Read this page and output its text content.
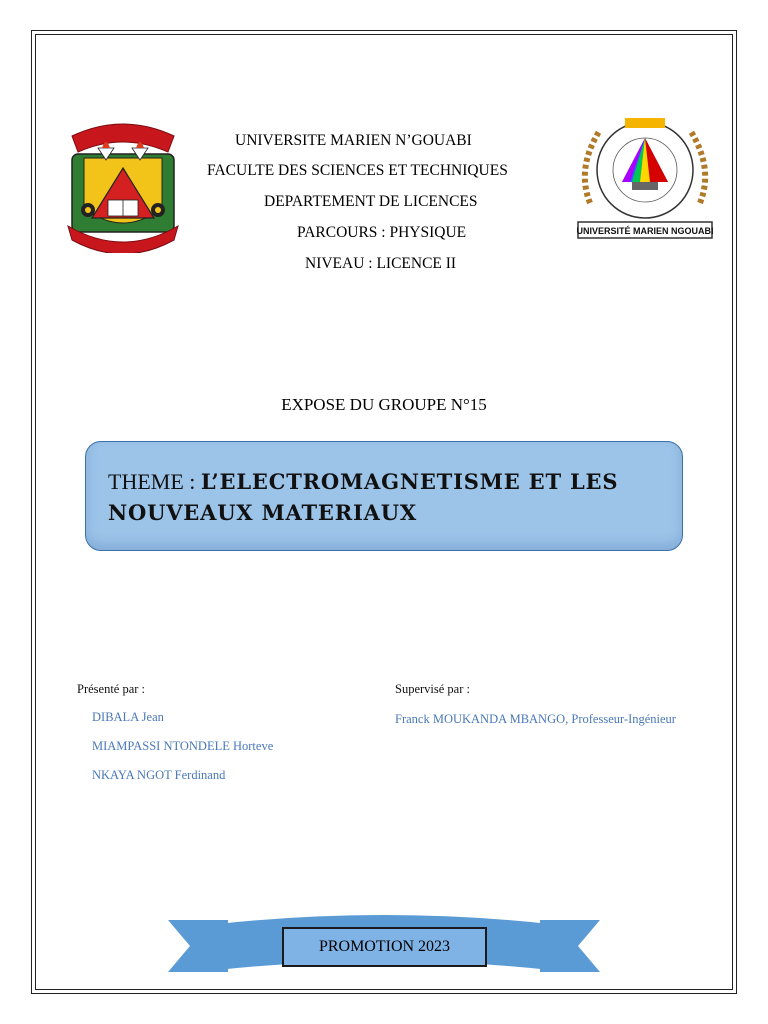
UNIVERSITÉ MARIEN NGOUABI
UNIVERSITE MARIEN N’GOUABI
FACULTE DES SCIENCES ET TECHNIQUES
DEPARTEMENT DE LICENCES
PARCOURS : PHYSIQUE
NIVEAU : LICENCE II
EXPOSE DU GROUPE N°15
THEME : L’ELECTROMAGNETISME ET LES NOUVEAUX MATERIAUX
Présenté par :
DIBALA Jean
MIAMPASSI NTONDELE Horteve
NKAYA NGOT Ferdinand
Supervisé par :
Franck MOUKANDA MBANGO, Professeur-Ingénieur
PROMOTION 2023
